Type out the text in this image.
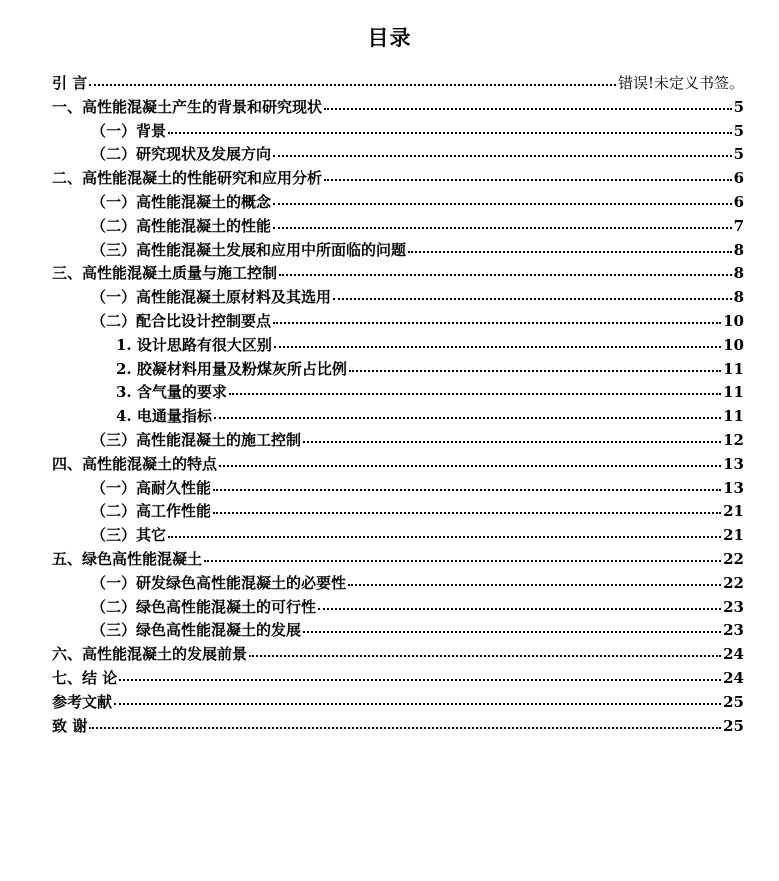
目录
引 言	错误!未定义书签。
一、高性能混凝土产生的背景和研究现状	5
（一）背景	5
（二）研究现状及发展方向	5
二、高性能混凝土的性能研究和应用分析	6
（一）高性能混凝土的概念	6
（二）高性能混凝土的性能	7
（三）高性能混凝土发展和应用中所面临的问题	8
三、高性能混凝土质量与施工控制	8
（一）高性能混凝土原材料及其选用	8
（二）配合比设计控制要点	10
1. 设计思路有很大区别	10
2. 胶凝材料用量及粉煤灰所占比例	11
3. 含气量的要求	11
4. 电通量指标	11
（三）高性能混凝土的施工控制	12
四、高性能混凝土的特点	13
（一）高耐久性能	13
（二）高工作性能	21
（三）其它	21
五、绿色高性能混凝土	22
（一）研发绿色高性能混凝土的必要性	22
（二）绿色高性能混凝土的可行性	23
（三）绿色高性能混凝土的发展	23
六、高性能混凝土的发展前景	24
七、结 论	24
参考文献	25
致 谢	25
